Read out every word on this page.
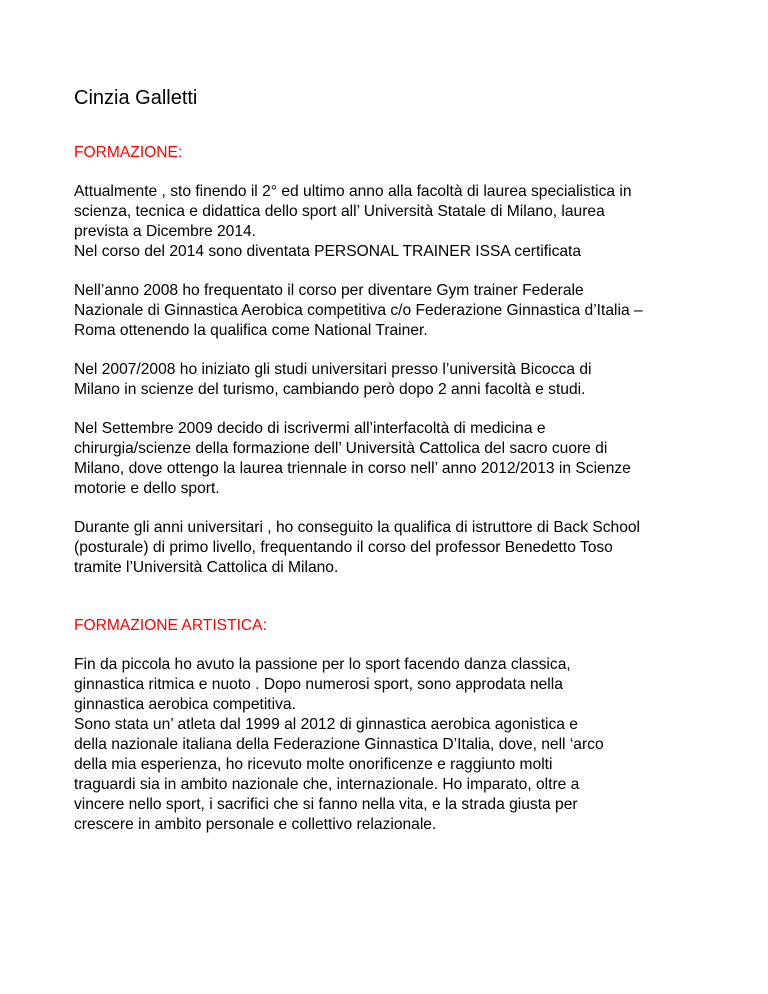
Cinzia Galletti
FORMAZIONE:
Attualmente , sto finendo il 2° ed ultimo anno alla facoltà di laurea specialistica in
scienza, tecnica e didattica dello sport all’ Università Statale di Milano, laurea
prevista a Dicembre 2014.
Nel corso del 2014 sono diventata PERSONAL TRAINER ISSA certificata
Nell’anno 2008 ho frequentato il corso per diventare Gym trainer Federale
Nazionale di Ginnastica Aerobica competitiva c/o Federazione Ginnastica d’Italia –
Roma ottenendo la qualifica come National Trainer.
Nel 2007/2008 ho iniziato gli studi universitari presso l’università Bicocca di
Milano in scienze del turismo, cambiando però dopo 2 anni facoltà e studi.
Nel Settembre 2009 decido di iscrivermi all’interfacoltà di medicina e
chirurgia/scienze della formazione dell’ Università Cattolica del sacro cuore di
Milano, dove ottengo la laurea triennale in corso nell’ anno 2012/2013 in Scienze
motorie e dello sport.
Durante gli anni universitari , ho conseguito la qualifica di istruttore di Back School
(posturale) di primo livello, frequentando il corso del professor Benedetto Toso
tramite l’Università Cattolica di Milano.
FORMAZIONE ARTISTICA:
Fin da piccola ho avuto la passione per lo sport facendo danza classica,
ginnastica ritmica e nuoto . Dopo numerosi sport, sono approdata nella
ginnastica aerobica competitiva.
Sono stata un’ atleta dal 1999 al 2012 di ginnastica aerobica agonistica e
della nazionale italiana della Federazione Ginnastica D’Italia, dove, nell ‘arco
della mia esperienza, ho ricevuto molte onorificenze e raggiunto molti
traguardi sia in ambito nazionale che, internazionale. Ho imparato, oltre a
vincere nello sport, i sacrifici che si fanno nella vita, e la strada giusta per
crescere in ambito personale e collettivo relazionale.
